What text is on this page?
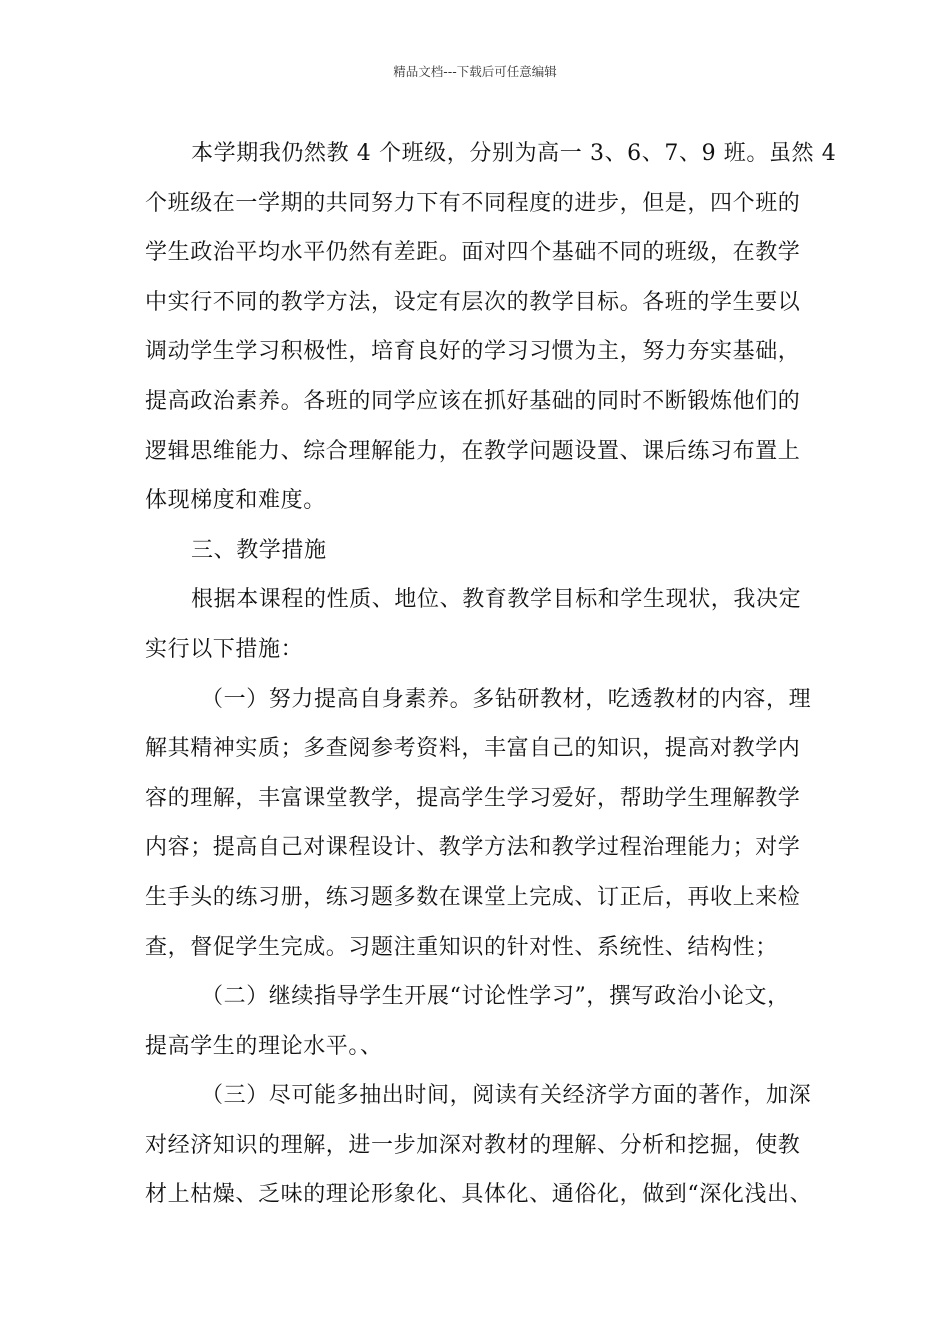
精品文档---下载后可任意编辑
本学期我仍然教 4 个班级，分别为高一 3、6、7、9 班。虽然 4
个班级在一学期的共同努力下有不同程度的进步，但是，四个班的
学生政治平均水平仍然有差距。面对四个基础不同的班级，在教学
中实行不同的教学方法，设定有层次的教学目标。各班的学生要以
调动学生学习积极性，培育良好的学习习惯为主，努力夯实基础，
提高政治素养。各班的同学应该在抓好基础的同时不断锻炼他们的
逻辑思维能力、综合理解能力，在教学问题设置、课后练习布置上
体现梯度和难度。
三、教学措施
根据本课程的性质、地位、教育教学目标和学生现状，我决定
实行以下措施：
（一）努力提高自身素养。多钻研教材，吃透教材的内容，理
解其精神实质；多查阅参考资料，丰富自己的知识，提高对教学内
容的理解，丰富课堂教学，提高学生学习爱好，帮助学生理解教学
内容；提高自己对课程设计、教学方法和教学过程治理能力；对学
生手头的练习册，练习题多数在课堂上完成、订正后，再收上来检
查，督促学生完成。习题注重知识的针对性、系统性、结构性；
（二）继续指导学生开展“讨论性学习”，撰写政治小论文，
提高学生的理论水平。、
（三）尽可能多抽出时间，阅读有关经济学方面的著作，加深
对经济知识的理解，进一步加深对教材的理解、分析和挖掘，使教
材上枯燥、乏味的理论形象化、具体化、通俗化，做到“深化浅出、
